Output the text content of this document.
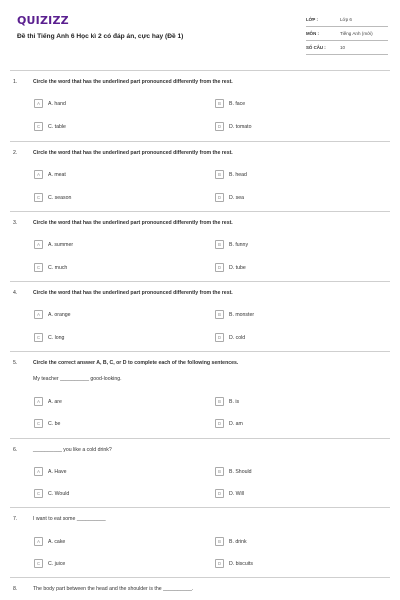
QUIZIZZ
Đề thi Tiếng Anh 6 Học kì 2 có đáp án, cực hay (Đề 1)
LỚP :	Lớp 6
MÔN :	Tiếng Anh (mới)
SỐ CÂU :	10
1.	Circle the word that has the underlined part pronounced differently from the rest.
A	A. hand	B	B. face
C	C. table	D	D. tomato
2.	Circle the word that has the underlined part pronounced differently from the rest.
A	A. meat	B	B. head
C	C. season	D	D. sea
3.	Circle the word that has the underlined part pronounced differently from the rest.
A	A. summer	B	B. funny
C	C. much	D	D. tube
4.	Circle the word that has the underlined part pronounced differently from the rest.
A	A. orange	B	B. monster
C	C. long	D	D. cold
5.	Circle the correct answer A, B, C, or D to complete each of the following sentences.
My teacher __________ good-looking.
A	A. are	B	B. is
C	C. be	D	D. am
6.	__________ you like a cold drink?
A	A. Have	B	B. Should
C	C. Would	D	D. Will
7.	I want to eat some __________
A	A. cake	B	B. drink
C	C. juice	D	D. biscuits
8.	The body part between the head and the shoulder is the __________.
